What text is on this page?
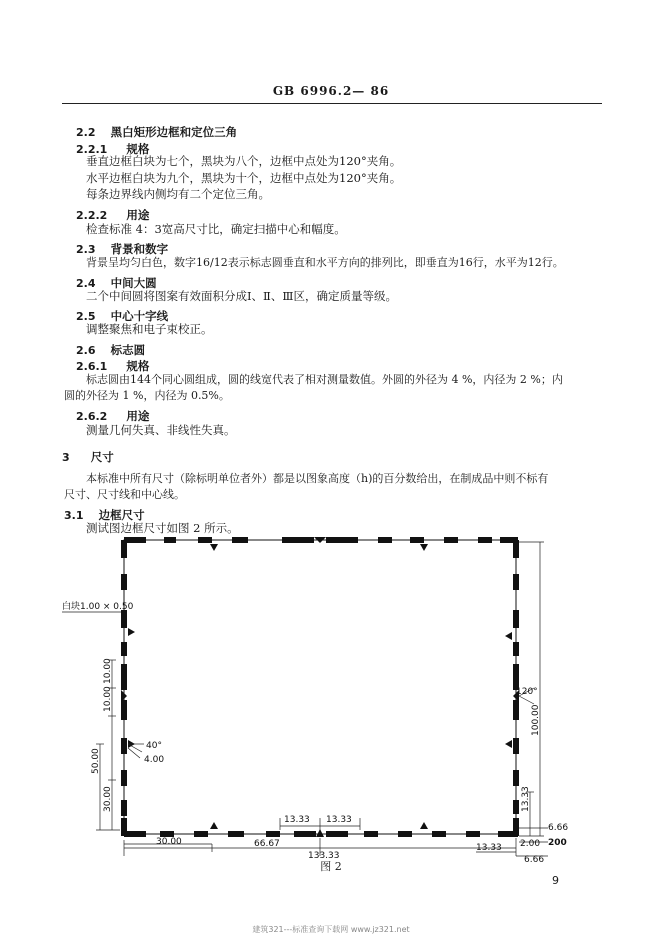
GB 6996.2— 86
2.2 黑白矩形边框和定位三角
2.2.1 规格
垂直边框白块为七个，黑块为八个，边框中点处为120°夹角。
水平边框白块为九个，黑块为十个，边框中点处为120°夹角。
每条边界线内侧均有二个定位三角。
2.2.2 用途
检查标准 4：3宽高尺寸比，确定扫描中心和幅度。
2.3 背景和数字
背景呈均匀白色，数字16/12表示标志圆垂直和水平方向的排列比，即垂直为16行，水平为12行。
2.4 中间大圆
二个中间圆将图案有效面积分成Ⅰ、Ⅱ、Ⅲ区，确定质量等级。
2.5 中心十字线
调整聚焦和电子束校正。
2.6 标志圆
2.6.1 规格
标志圆由144个同心圆组成，圆的线宽代表了相对测量数值。外圆的外径为 4 %，内径为 2 %；内
圆的外径为 1 %，内径为 0.5%。
2.6.2 用途
测量几何失真、非线性失真。
3 尺寸
本标准中所有尺寸（除标明单位者外）都是以图象高度（h)的百分数给出，在制成品中则不标有
尺寸、尺寸线和中心线。
3.1 边框尺寸
测试图边框尺寸如图 2 所示。
白块1.00 × 0.50
10.00
10.00
50.00
30.00
40°
4.00
120°
100.00
13.33
13.33 13.33
6.66
200
30.00	66.67
133.33
13.33 2.00
6.66
图 2
9
建筑321---标准查询下载网 www.jz321.net
